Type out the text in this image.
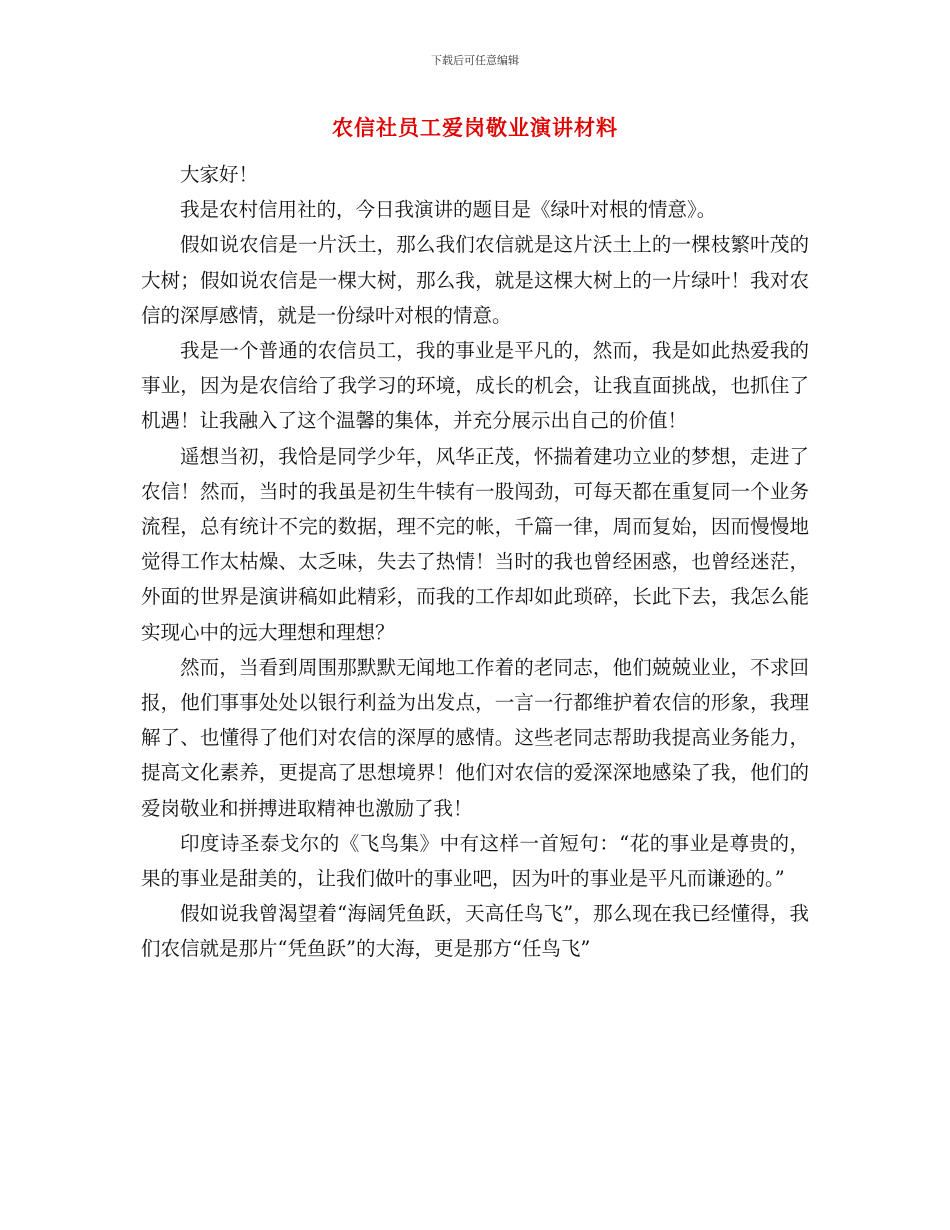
下载后可任意编辑
农信社员工爱岗敬业演讲材料

大家好！

我是农村信用社的，今日我演讲的题目是《绿叶对根的情意》。

假如说农信是一片沃土，那么我们农信就是这片沃土上的一棵枝繁叶茂的大树；假如说农信是一棵大树，那么我，就是这棵大树上的一片绿叶！我对农信的深厚感情，就是一份绿叶对根的情意。

我是一个普通的农信员工，我的事业是平凡的，然而，我是如此热爱我的事业，因为是农信给了我学习的环境，成长的机会，让我直面挑战，也抓住了机遇！让我融入了这个温馨的集体，并充分展示出自己的价值！

遥想当初，我恰是同学少年，风华正茂，怀揣着建功立业的梦想，走进了农信！然而，当时的我虽是初生牛犊有一股闯劲，可每天都在重复同一个业务流程，总有统计不完的数据，理不完的帐，千篇一律，周而复始，因而慢慢地觉得工作太枯燥、太乏味，失去了热情！当时的我也曾经困惑，也曾经迷茫，外面的世界是演讲稿如此精彩，而我的工作却如此琐碎，长此下去，我怎么能实现心中的远大理想和理想？

然而，当看到周围那默默无闻地工作着的老同志，他们兢兢业业，不求回报，他们事事处处以银行利益为出发点，一言一行都维护着农信的形象，我理解了、也懂得了他们对农信的深厚的感情。这些老同志帮助我提高业务能力，提高文化素养，更提高了思想境界！他们对农信的爱深深地感染了我，他们的爱岗敬业和拼搏进取精神也激励了我！

印度诗圣泰戈尔的《飞鸟集》中有这样一首短句：“花的事业是尊贵的，果的事业是甜美的，让我们做叶的事业吧，因为叶的事业是平凡而谦逊的。”

假如说我曾渴望着“海阔凭鱼跃，天高任鸟飞”，那么现在我已经懂得，我们农信就是那片“凭鱼跃”的大海，更是那方“任鸟飞”
